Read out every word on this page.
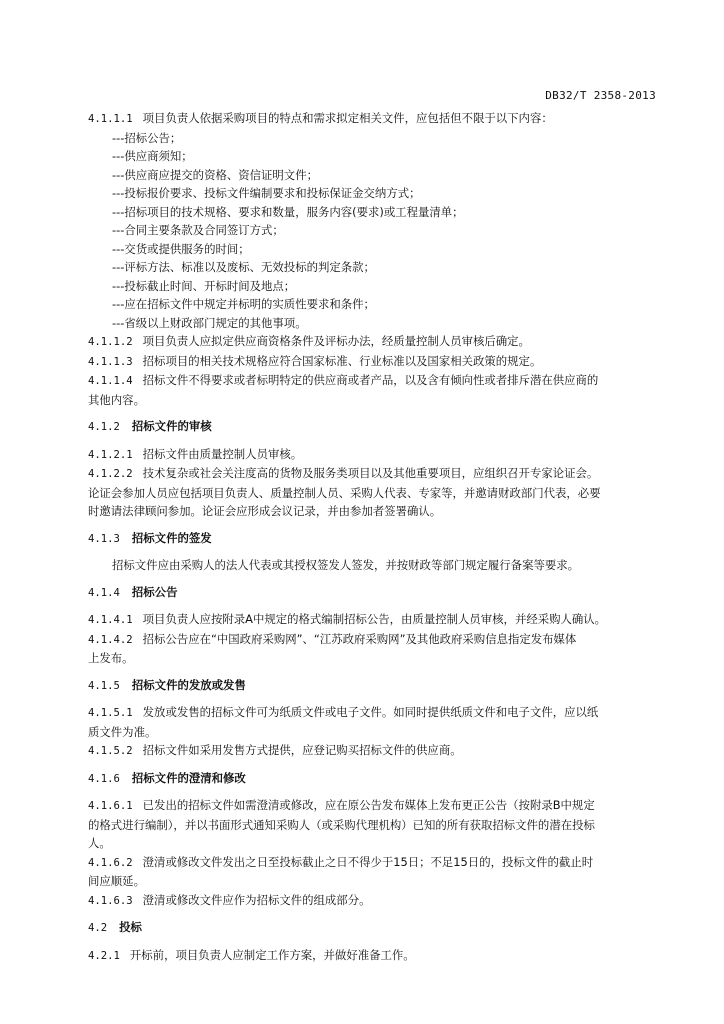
DB32/T 2358-2013
4.1.1.1 项目负责人依据采购项目的特点和需求拟定相关文件，应包括但不限于以下内容：
---招标公告；
---供应商须知；
---供应商应提交的资格、资信证明文件；
---投标报价要求、投标文件编制要求和投标保证金交纳方式；
---招标项目的技术规格、要求和数量，服务内容(要求)或工程量清单；
---合同主要条款及合同签订方式；
---交货或提供服务的时间；
---评标方法、标准以及废标、无效投标的判定条款；
---投标截止时间、开标时间及地点；
---应在招标文件中规定并标明的实质性要求和条件；
---省级以上财政部门规定的其他事项。
4.1.1.2 项目负责人应拟定供应商资格条件及评标办法，经质量控制人员审核后确定。
4.1.1.3 招标项目的相关技术规格应符合国家标准、行业标准以及国家相关政策的规定。
4.1.1.4 招标文件不得要求或者标明特定的供应商或者产品，以及含有倾向性或者排斥潜在供应商的
其他内容。
4.1.2 招标文件的审核
4.1.2.1 招标文件由质量控制人员审核。
4.1.2.2 技术复杂或社会关注度高的货物及服务类项目以及其他重要项目，应组织召开专家论证会。
论证会参加人员应包括项目负责人、质量控制人员、采购人代表、专家等，并邀请财政部门代表，必要
时邀请法律顾问参加。论证会应形成会议记录，并由参加者签署确认。
4.1.3 招标文件的签发
招标文件应由采购人的法人代表或其授权签发人签发，并按财政等部门规定履行备案等要求。
4.1.4 招标公告
4.1.4.1 项目负责人应按附录A中规定的格式编制招标公告，由质量控制人员审核，并经采购人确认。
4.1.4.2 招标公告应在“中国政府采购网”、“江苏政府采购网”及其他政府采购信息指定发布媒体
上发布。
4.1.5 招标文件的发放或发售
4.1.5.1 发放或发售的招标文件可为纸质文件或电子文件。如同时提供纸质文件和电子文件，应以纸
质文件为准。
4.1.5.2 招标文件如采用发售方式提供，应登记购买招标文件的供应商。
4.1.6 招标文件的澄清和修改
4.1.6.1 已发出的招标文件如需澄清或修改，应在原公告发布媒体上发布更正公告（按附录B中规定
的格式进行编制），并以书面形式通知采购人（或采购代理机构）已知的所有获取招标文件的潜在投标
人。
4.1.6.2 澄清或修改文件发出之日至投标截止之日不得少于15日；不足15日的，投标文件的截止时
间应顺延。
4.1.6.3 澄清或修改文件应作为招标文件的组成部分。
4.2 投标
4.2.1 开标前，项目负责人应制定工作方案，并做好准备工作。
